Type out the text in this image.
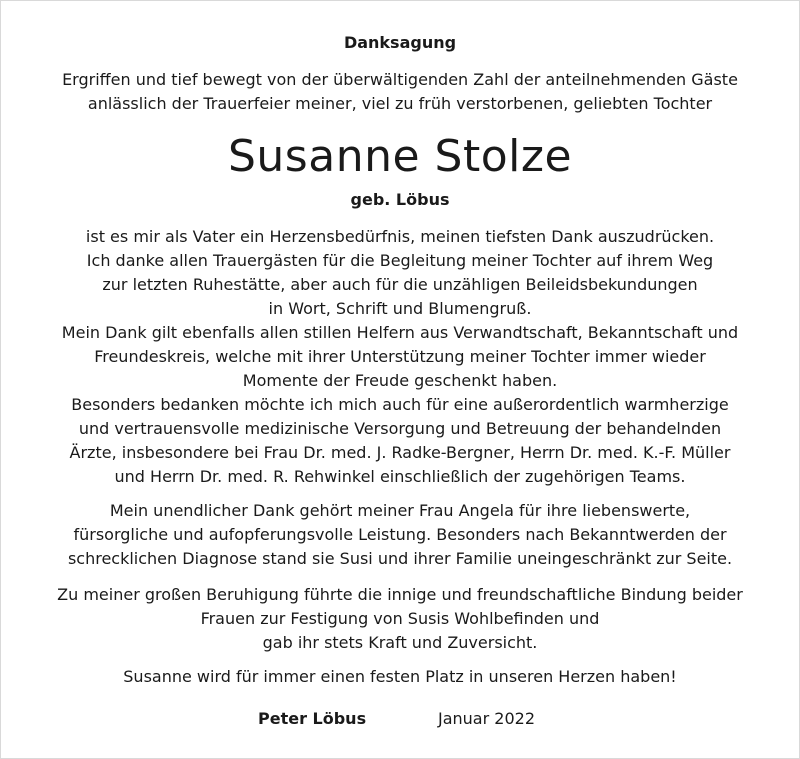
Danksagung
Ergriffen und tief bewegt von der überwältigenden Zahl der anteilnehmenden Gäste
anlässlich der Trauerfeier meiner, viel zu früh verstorbenen, geliebten Tochter
Susanne Stolze
geb. Löbus
ist es mir als Vater ein Herzensbedürfnis, meinen tiefsten Dank auszudrücken.
Ich danke allen Trauergästen für die Begleitung meiner Tochter auf ihrem Weg
zur letzten Ruhestätte, aber auch für die unzähligen Beileidsbekundungen
in Wort, Schrift und Blumengruß.
Mein Dank gilt ebenfalls allen stillen Helfern aus Verwandtschaft, Bekanntschaft und
Freundeskreis, welche mit ihrer Unterstützung meiner Tochter immer wieder
Momente der Freude geschenkt haben.
Besonders bedanken möchte ich mich auch für eine außerordentlich warmherzige
und vertrauensvolle medizinische Versorgung und Betreuung der behandelnden
Ärzte, insbesondere bei Frau Dr. med. J. Radke-Bergner, Herrn Dr. med. K.-F. Müller
und Herrn Dr. med. R. Rehwinkel einschließlich der zugehörigen Teams.
Mein unendlicher Dank gehört meiner Frau Angela für ihre liebenswerte,
fürsorgliche und aufopferungsvolle Leistung. Besonders nach Bekanntwerden der
schrecklichen Diagnose stand sie Susi und ihrer Familie uneingeschränkt zur Seite.
Zu meiner großen Beruhigung führte die innige und freundschaftliche Bindung beider
Frauen zur Festigung von Susis Wohlbefinden und
gab ihr stets Kraft und Zuversicht.
Susanne wird für immer einen festen Platz in unseren Herzen haben!
Peter Löbus	Januar 2022
